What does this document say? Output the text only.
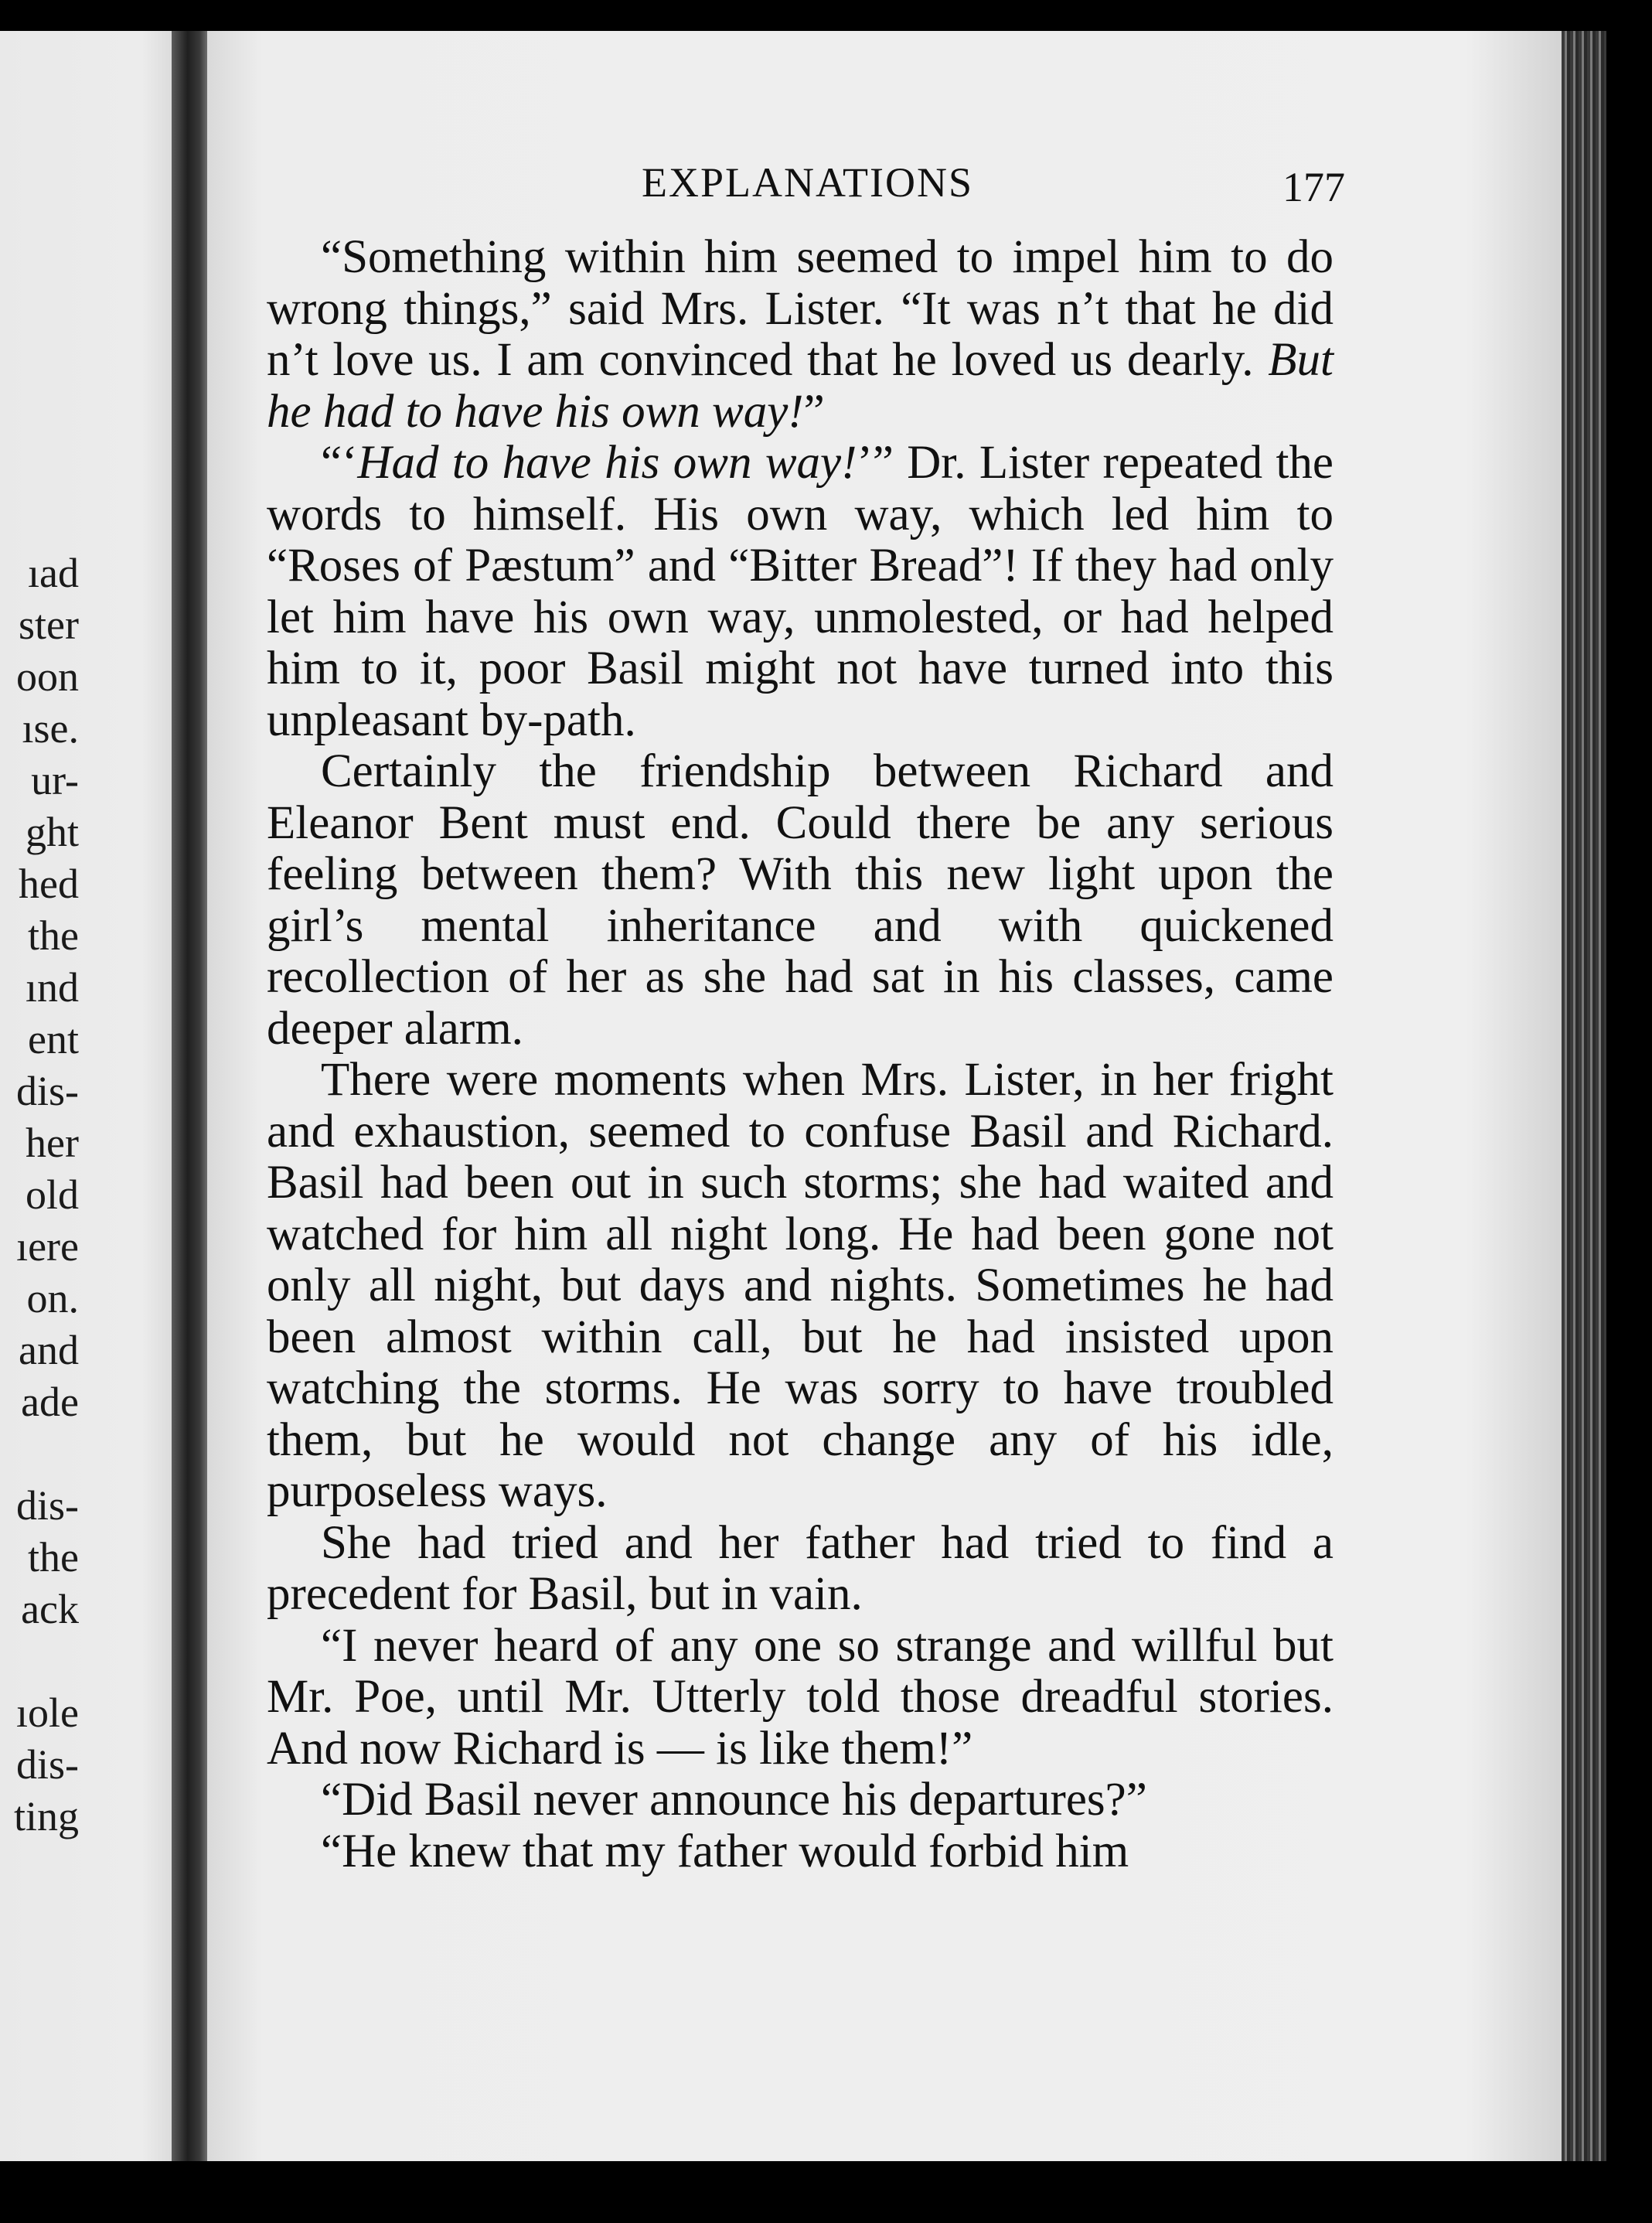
ıad
ster
oon
ıse.
ur-
ght
hed
the
ınd
ent
dis-
her
old
ıere
on.
and
ade
dis-
the
ack
ıole
dis-
ting
EXPLANATIONS	177

“Something within him seemed to impel him to do wrong things,” said Mrs. Lister. “It was n’t that he did n’t love us. I am convinced that he loved us dearly. But he had to have his own way!”

“‘Had to have his own way!’” Dr. Lister repeated the words to himself. His own way, which led him to “Roses of Pæstum” and “Bitter Bread”! If they had only let him have his own way, unmolested, or had helped him to it, poor Basil might not have turned into this unpleasant by-path.

Certainly the friendship between Richard and Eleanor Bent must end. Could there be any serious feeling between them? With this new light upon the girl’s mental inheritance and with quickened recollection of her as she had sat in his classes, came deeper alarm.

There were moments when Mrs. Lister, in her fright and exhaustion, seemed to confuse Basil and Richard. Basil had been out in such storms; she had waited and watched for him all night long. He had been gone not only all night, but days and nights. Sometimes he had been almost within call, but he had insisted upon watching the storms. He was sorry to have troubled them, but he would not change any of his idle, purposeless ways.

She had tried and her father had tried to find a precedent for Basil, but in vain.

“I never heard of any one so strange and willful but Mr. Poe, until Mr. Utterly told those dreadful stories. And now Richard is — is like them!”

“Did Basil never announce his departures?”

“He knew that my father would forbid him
